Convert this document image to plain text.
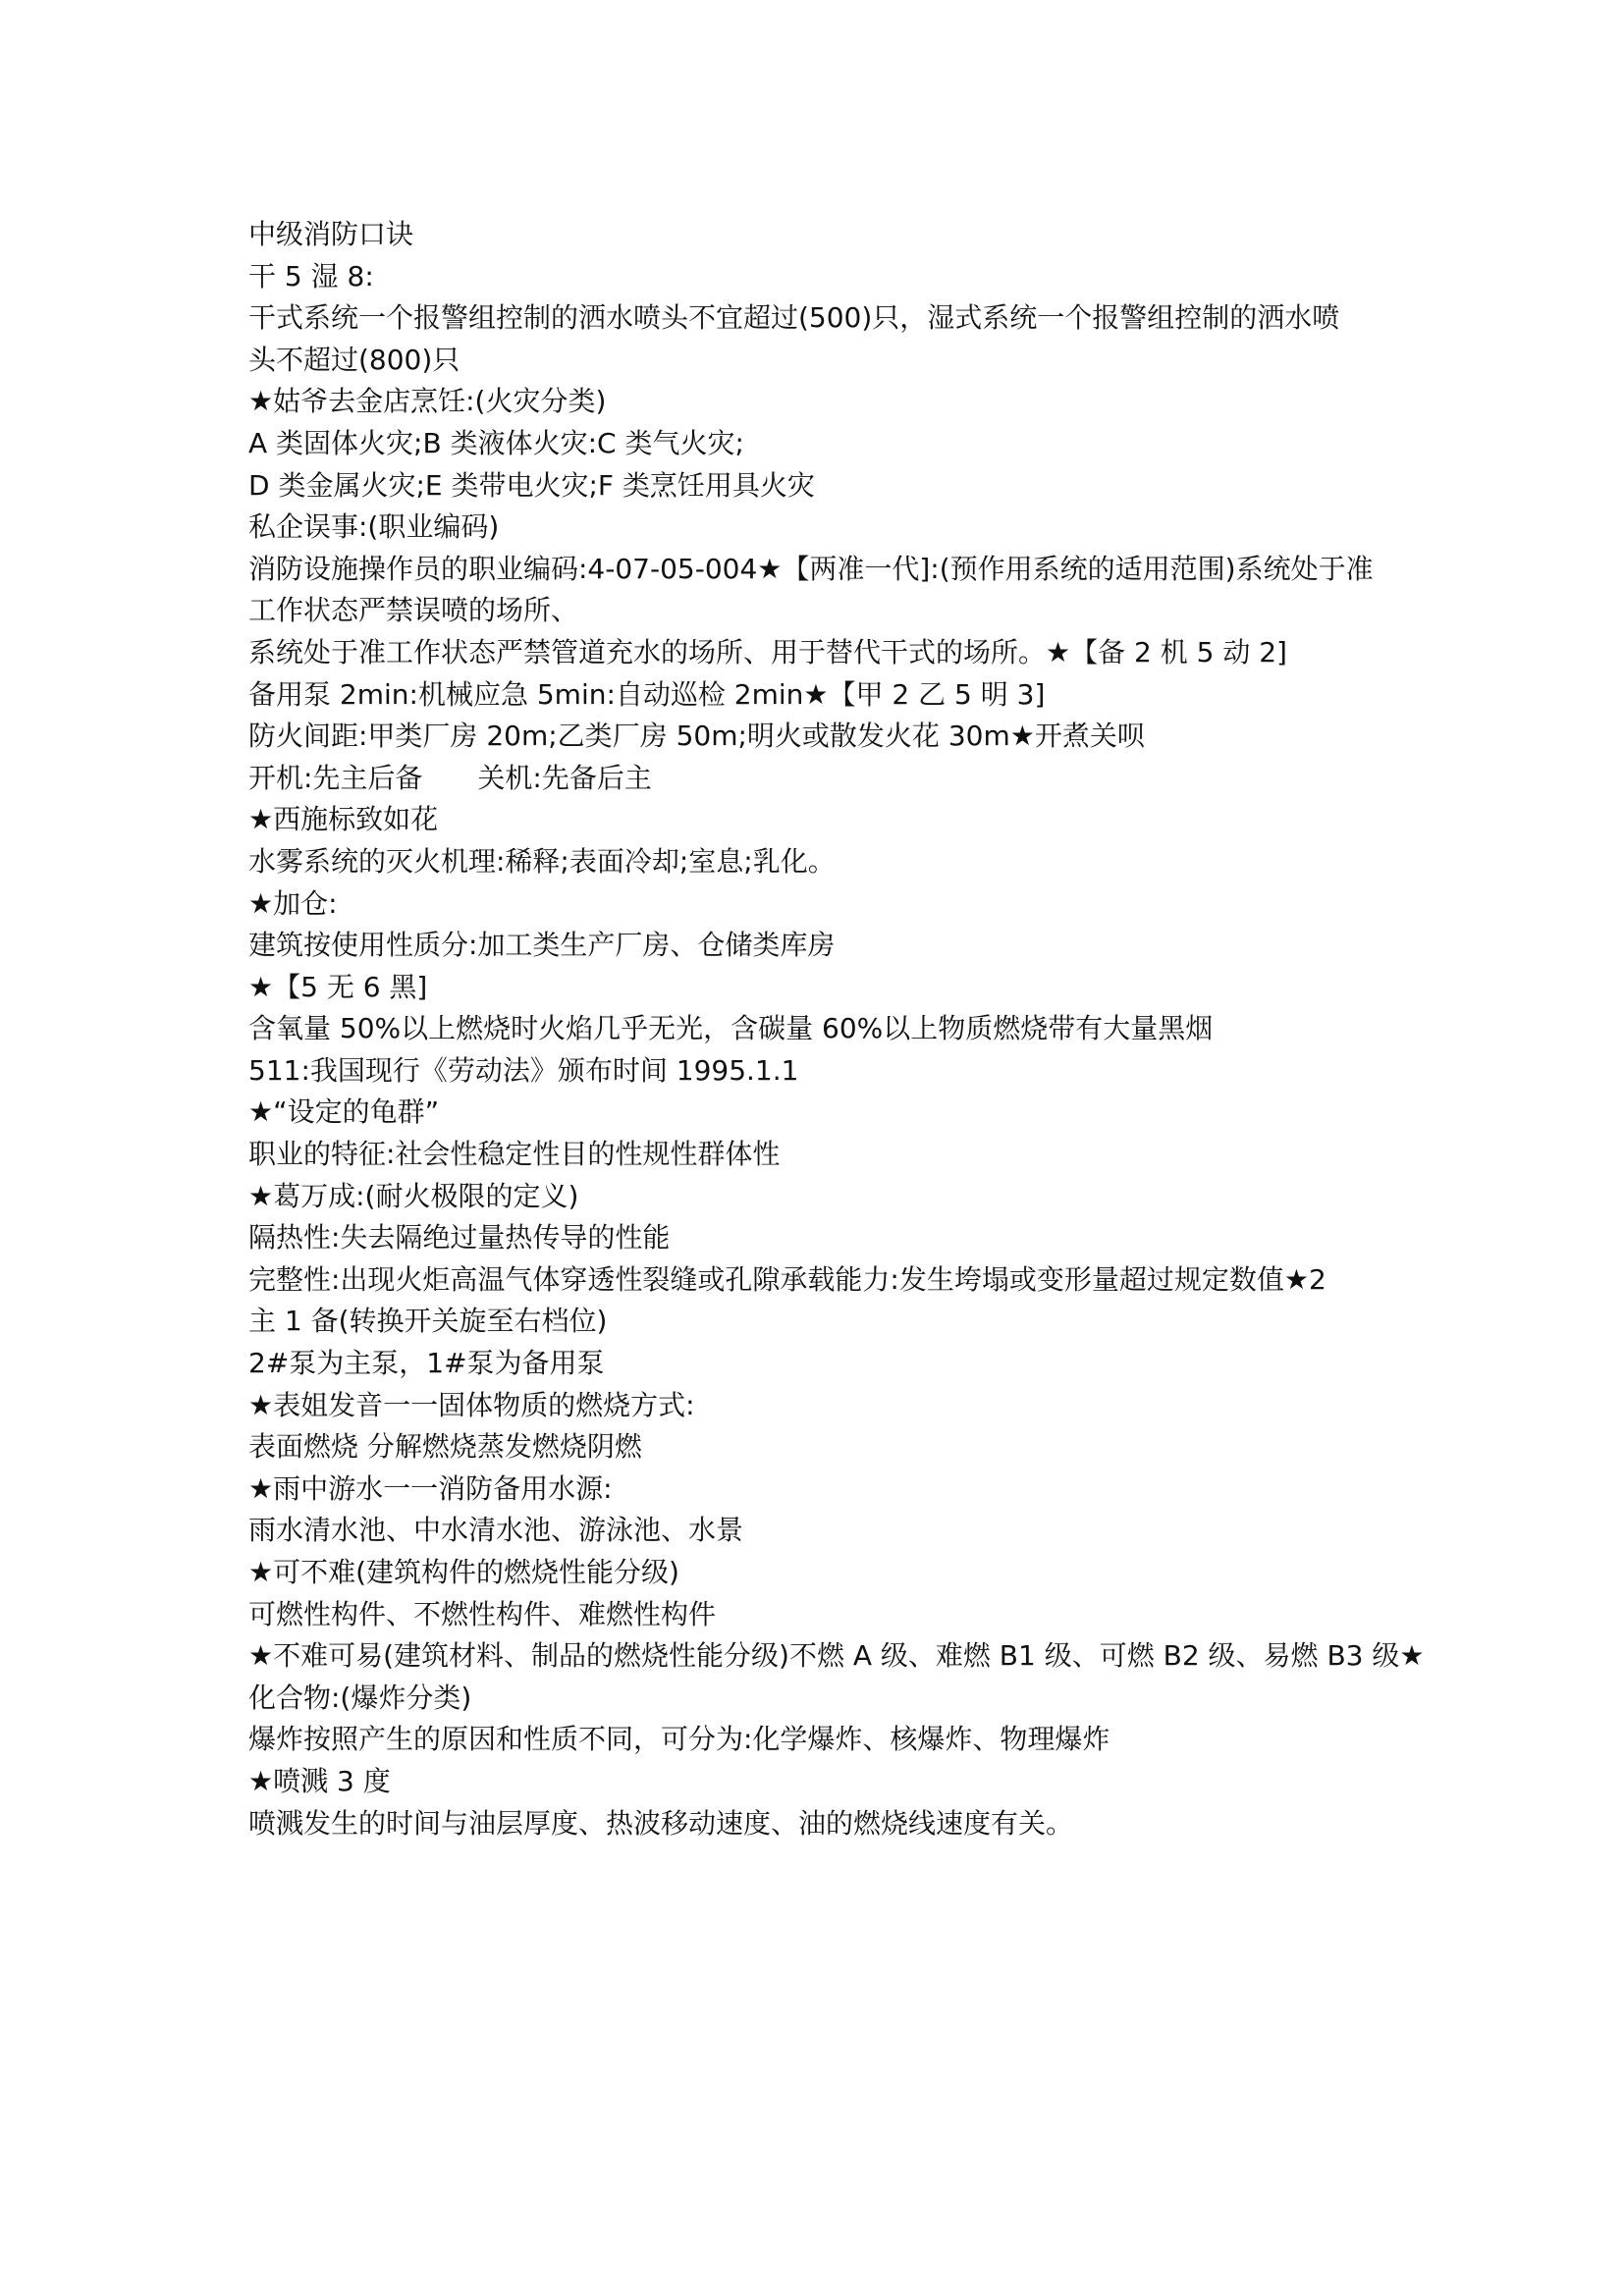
中级消防口诀
干 5 湿 8:
干式系统一个报警组控制的洒水喷头不宜超过(500)只，湿式系统一个报警组控制的洒水喷
头不超过(800)只
★姑爷去金店烹饪:(火灾分类)
A 类固体火灾;B 类液体火灾:C 类气火灾;
D 类金属火灾;E 类带电火灾;F 类烹饪用具火灾
私企误事:(职业编码)
消防设施操作员的职业编码:4-07-05-004★【两准一代]:(预作用系统的适用范围)系统处于准
工作状态严禁误喷的场所、
系统处于准工作状态严禁管道充水的场所、用于替代干式的场所。★【备 2 机 5 动 2]
备用泵 2min:机械应急 5min:自动巡检 2min★【甲 2 乙 5 明 3]
防火间距:甲类厂房 20m;乙类厂房 50m;明火或散发火花 30m★开煮关呗
开机:先主后备　　关机:先备后主
★西施标致如花
水雾系统的灭火机理:稀释;表面冷却;室息;乳化。
★加仓:
建筑按使用性质分:加工类生产厂房、仓储类库房
★【5 无 6 黑]
含氧量 50%以上燃烧时火焰几乎无光，含碳量 60%以上物质燃烧带有大量黑烟
511:我国现行《劳动法》颁布时间 1995.1.1
★“设定的龟群”
职业的特征:社会性稳定性目的性规性群体性
★葛万成:(耐火极限的定义)
隔热性:失去隔绝过量热传导的性能
完整性:出现火炬高温气体穿透性裂缝或孔隙承载能力:发生垮塌或变形量超过规定数值★2
主 1 备(转换开关旋至右档位)
2#泵为主泵，1#泵为备用泵
★表姐发音一一固体物质的燃烧方式:
表面燃烧 分解燃烧蒸发燃烧阴燃
★雨中游水一一消防备用水源:
雨水清水池、中水清水池、游泳池、水景
★可不难(建筑构件的燃烧性能分级)
可燃性构件、不燃性构件、难燃性构件
★不难可易(建筑材料、制品的燃烧性能分级)不燃 A 级、难燃 B1 级、可燃 B2 级、易燃 B3 级★
化合物:(爆炸分类)
爆炸按照产生的原因和性质不同，可分为:化学爆炸、核爆炸、物理爆炸
★喷溅 3 度
喷溅发生的时间与油层厚度、热波移动速度、油的燃烧线速度有关。
